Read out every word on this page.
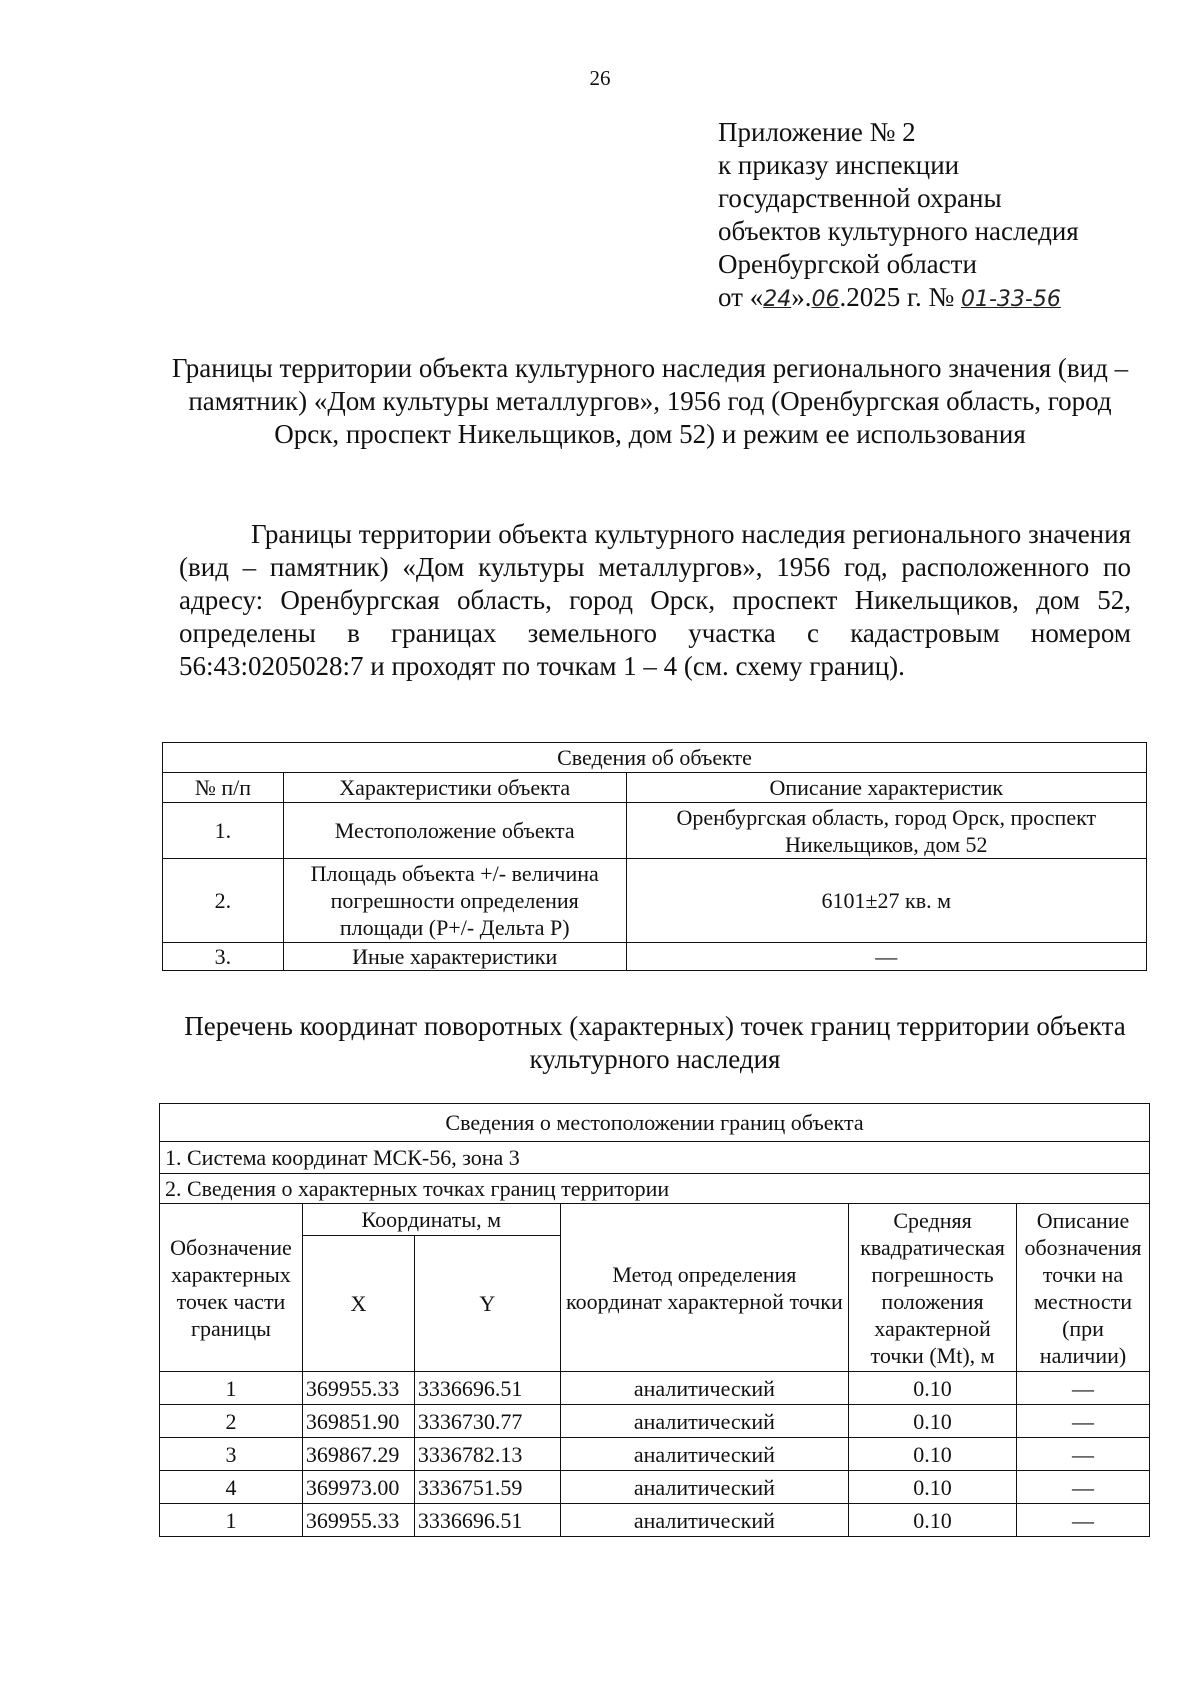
26
Приложение № 2
к приказу инспекции
государственной охраны
объектов культурного наследия
Оренбургской области
от «24».06.2025 г. № 01-33-56
Границы территории объекта культурного наследия регионального значения (вид – памятник) «Дом культуры металлургов», 1956 год (Оренбургская область, город Орск, проспект Никельщиков, дом 52) и режим ее использования
Границы территории объекта культурного наследия регионального значения (вид – памятник) «Дом культуры металлургов», 1956 год, расположенного по адресу: Оренбургская область, город Орск, проспект Никельщиков, дом 52, определены в границах земельного участка с кадастровым номером 56:43:0205028:7 и проходят по точкам 1 – 4 (см. схему границ).
Сведения об объекте		
№ п/п	Характеристики объекта	Описание характеристик
1.	Местоположение объекта	Оренбургская область, город Орск, проспект Никельщиков, дом 52
2.	Площадь объекта +/- величина погрешности определения площади (Р+/- Дельта Р)	6101±27 кв. м
3.	Иные характеристики	—
Перечень координат поворотных (характерных) точек границ территории объекта культурного наследия
Сведения о местоположении границ объекта					
1. Система координат МСК-56, зона 3					
2. Сведения о характерных точках границ территории					
Обозначение характерных точек части границы	Координаты, м		Метод определения координат характерной точки	Средняя квадратическая погрешность положения характерной точки (Mt), м	Описание обозначения точки на местности (при наличии)
	X	Y			
1	369955.33	3336696.51	аналитический	0.10	—
2	369851.90	3336730.77	аналитический	0.10	—
3	369867.29	3336782.13	аналитический	0.10	—
4	369973.00	3336751.59	аналитический	0.10	—
1	369955.33	3336696.51	аналитический	0.10	—
